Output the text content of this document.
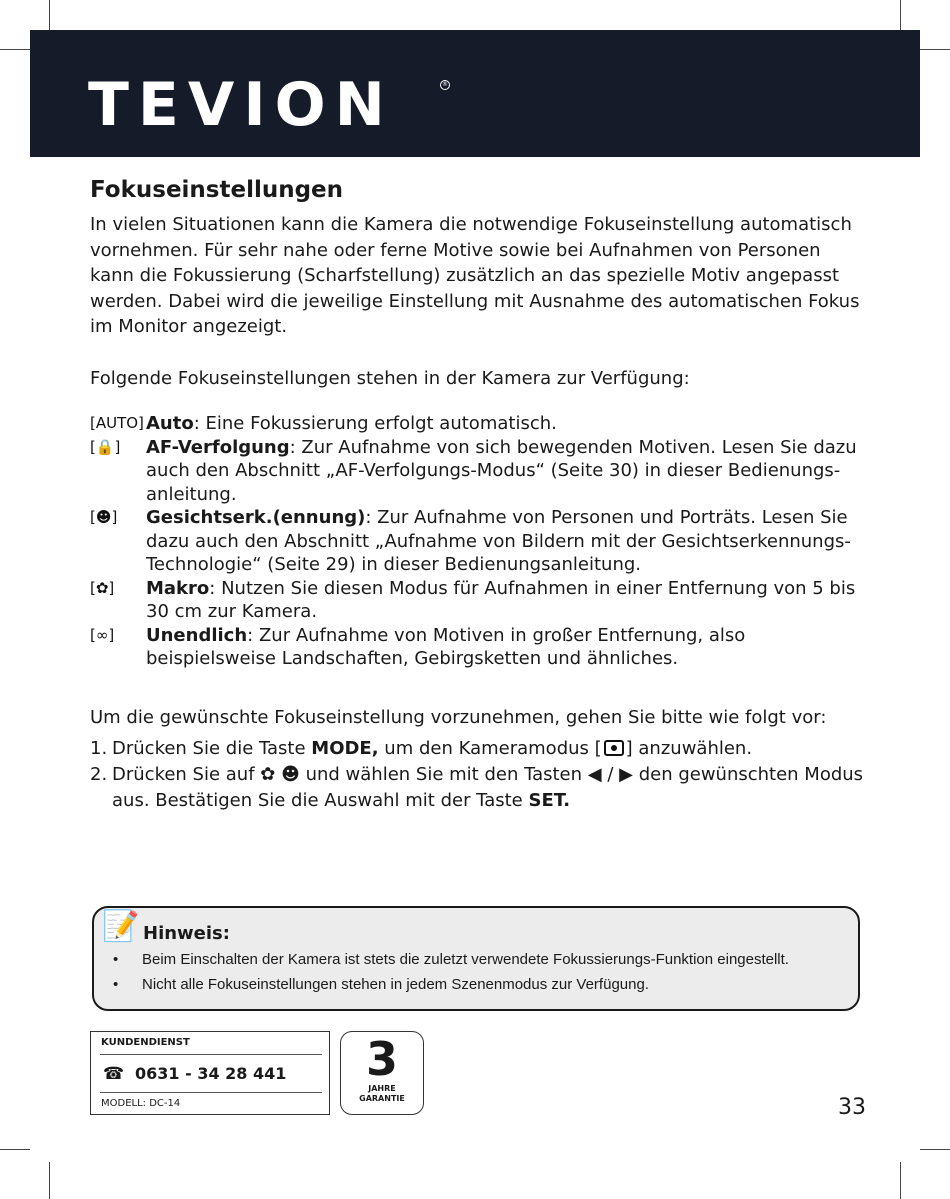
TEVION	®
Fokuseinstellungen

In vielen Situationen kann die Kamera die notwendige Fokuseinstellung automatisch vornehmen. Für sehr nahe oder ferne Motive sowie bei Aufnahmen von Personen kann die Fokussierung (Scharfstellung) zusätzlich an das spezielle Motiv angepasst werden. Dabei wird die jeweilige Einstellung mit Ausnahme des automatischen Fokus im Monitor angezeigt.

Folgende Fokuseinstellungen stehen in der Kamera zur Verfügung:

[AUTO] Auto: Eine Fokussierung erfolgt automatisch.
[🔒] AF-Verfolgung: Zur Aufnahme von sich bewegenden Motiven. Lesen Sie dazu auch den Abschnitt „AF-Verfolgungs-Modus“ (Seite 30) in dieser Bedienungsanleitung.
[☻] Gesichtserk.(ennung): Zur Aufnahme von Personen und Porträts. Lesen Sie dazu auch den Abschnitt „Aufnahme von Bildern mit der Gesichtserkennungs-Technologie“ (Seite 29) in dieser Bedienungsanleitung.
[✿] Makro: Nutzen Sie diesen Modus für Aufnahmen in einer Entfernung von 5 bis 30 cm zur Kamera.
[∞] Unendlich: Zur Aufnahme von Motiven in großer Entfernung, also beispielsweise Landschaften, Gebirgsketten und ähnliches.

Um die gewünschte Fokuseinstellung vorzunehmen, gehen Sie bitte wie folgt vor:

1. Drücken Sie die Taste MODE, um den Kameramodus [ ] anzuwählen.
2. Drücken Sie auf ✿ ☻ und wählen Sie mit den Tasten ◀ / ▶ den gewünschten Modus aus. Bestätigen Sie die Auswahl mit der Taste SET.
📝 Hinweis:
• Beim Einschalten der Kamera ist stets die zuletzt verwendete Fokussierungs-Funktion eingestellt.
• Nicht alle Fokuseinstellungen stehen in jedem Szenenmodus zur Verfügung.
KUNDENDIENST
☎ 0631 - 34 28 441
MODELL: DC-14
3
JAHRE
GARANTIE	33
